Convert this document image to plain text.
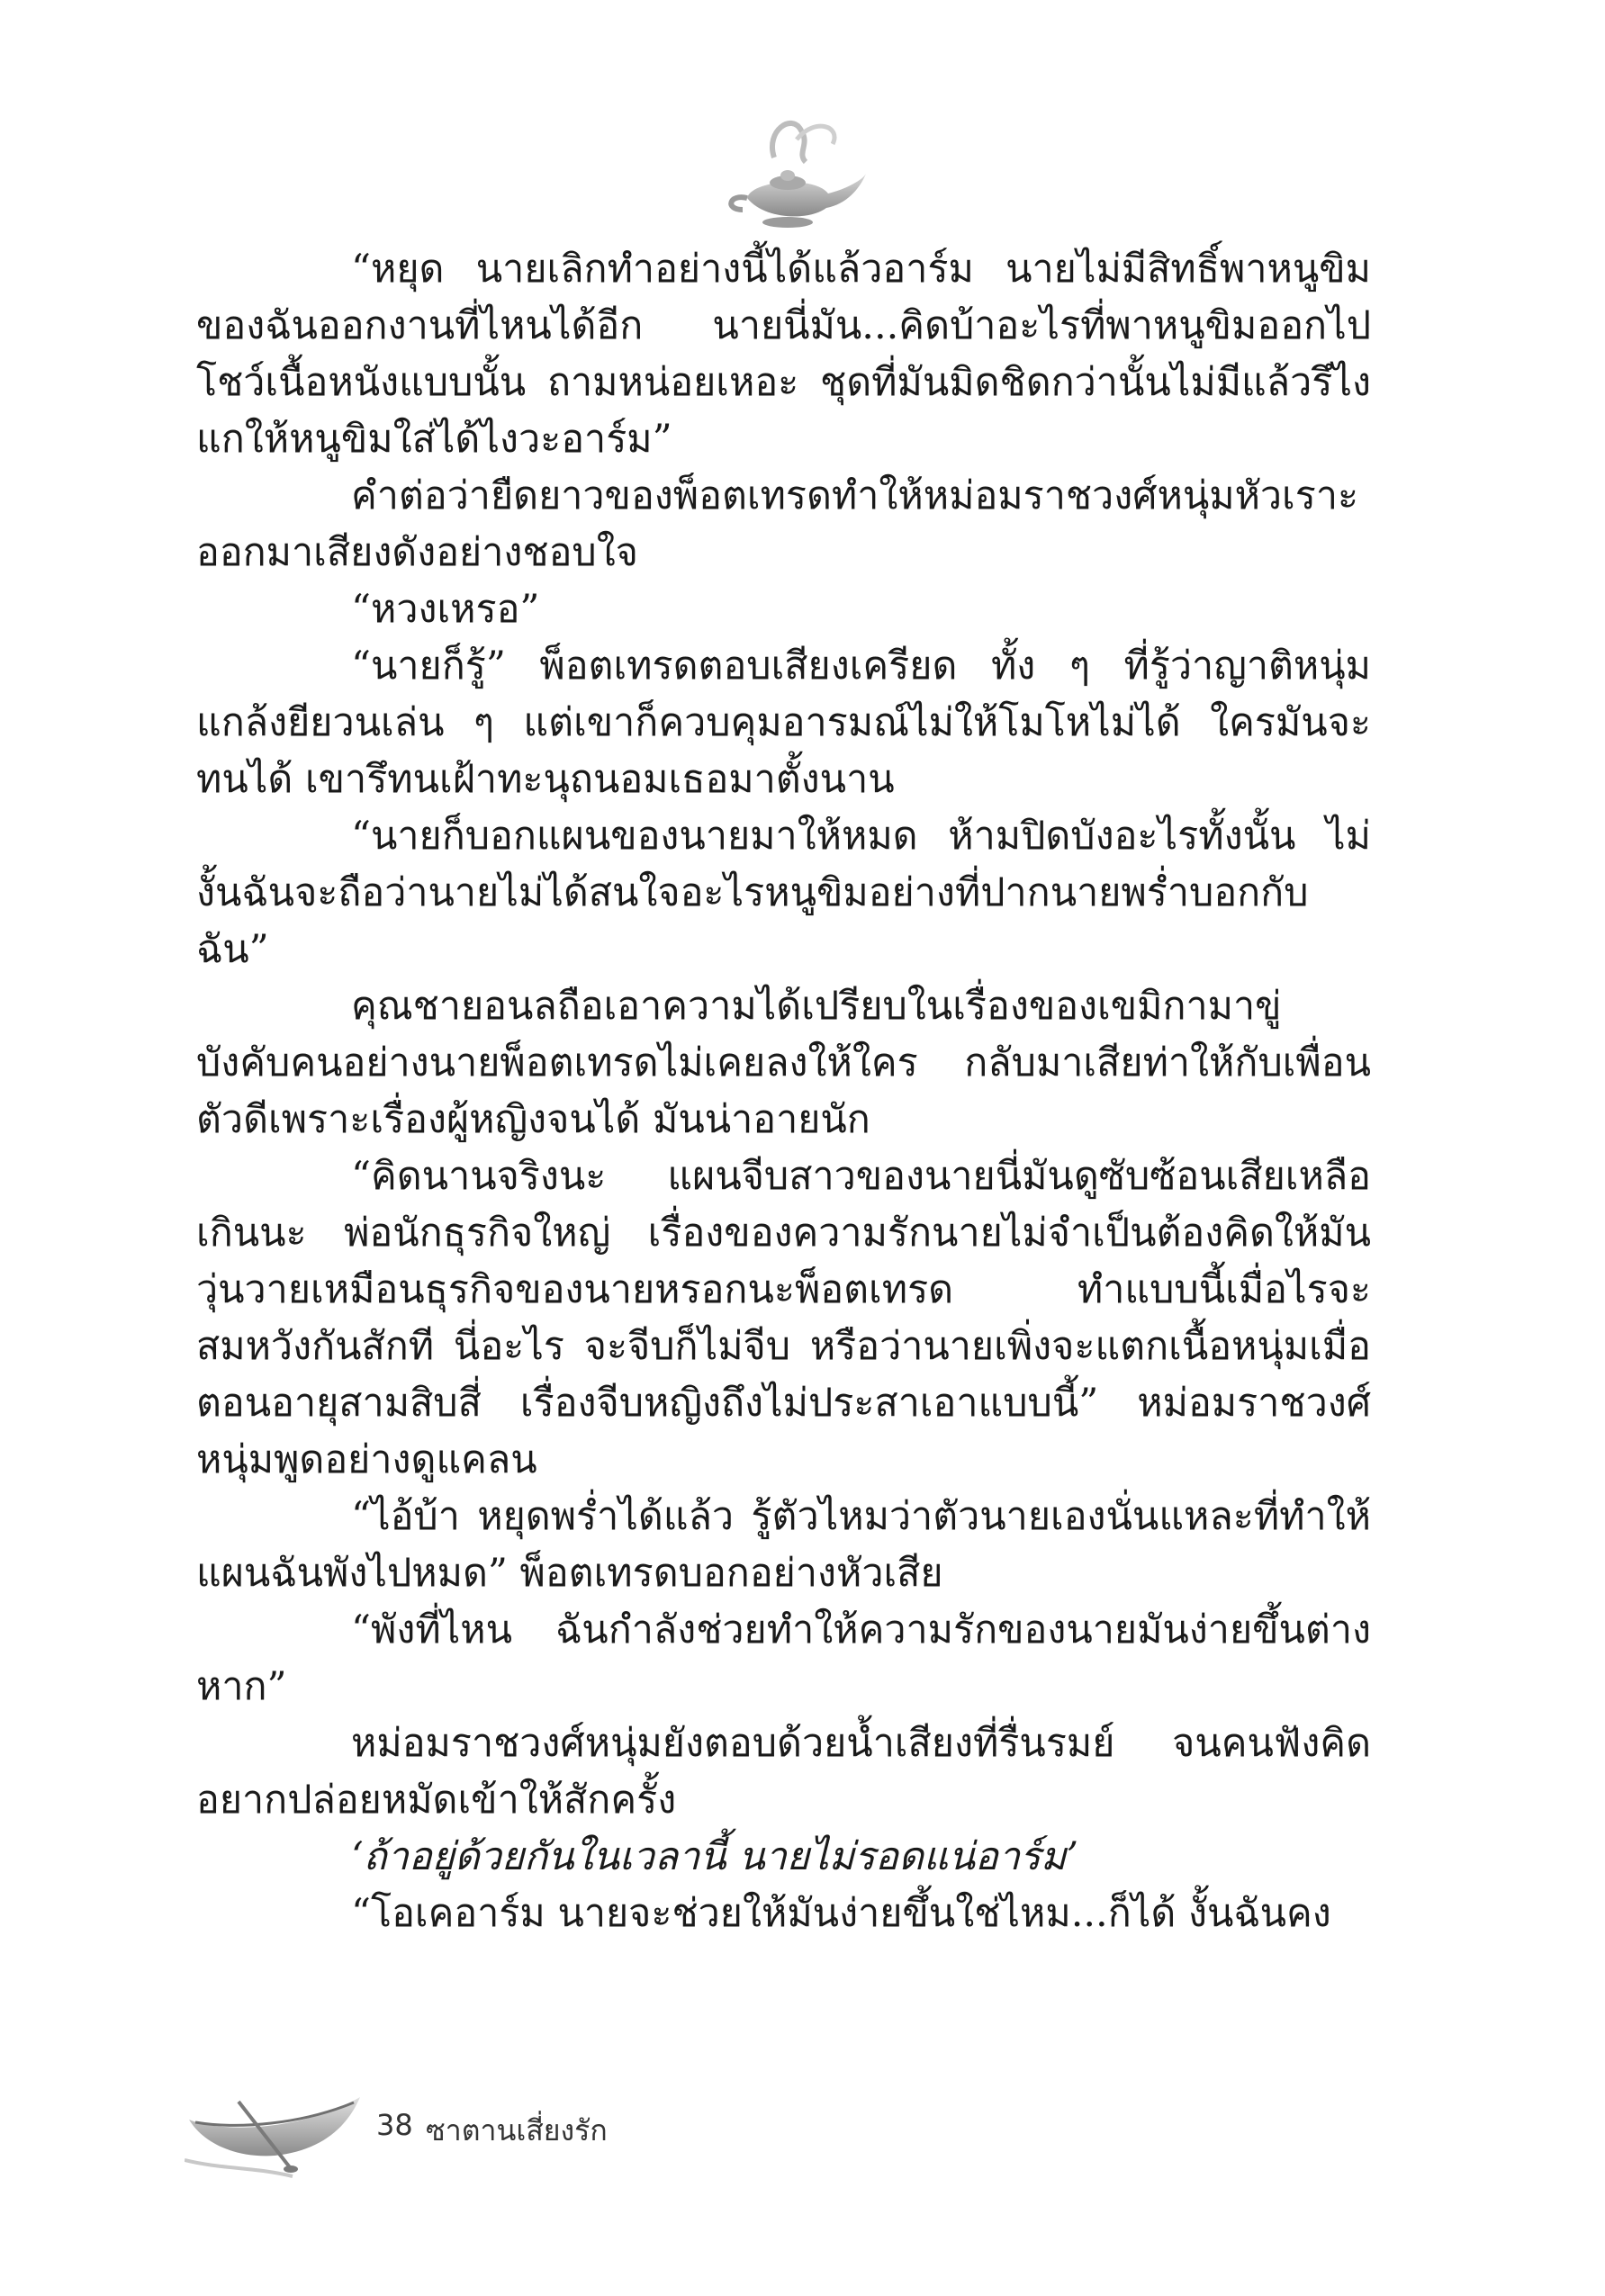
“หยุด นายเลิกทำอย่างนี้ได้แล้วอาร์ม นายไม่มีสิทธิ์พาหนูขิมของฉันออกงานที่ไหนได้อีก นายนี่มัน...คิดบ้าอะไรที่พาหนูขิมออกไปโชว์เนื้อหนังแบบนั้น ถามหน่อยเหอะ ชุดที่มันมิดชิดกว่านั้นไม่มีแล้วรึไง แกให้หนูขิมใส่ได้ไงวะอาร์ม”

คำต่อว่ายืดยาวของพ็อตเทรดทำให้หม่อมราชวงศ์หนุ่มหัวเราะออกมาเสียงดังอย่างชอบใจ

“หวงเหรอ”

“นายก็รู้” พ็อตเทรดตอบเสียงเครียด ทั้ง ๆ ที่รู้ว่าญาติหนุ่มแกล้งยียวนเล่น ๆ แต่เขาก็ควบคุมอารมณ์ไม่ให้โมโหไม่ได้ ใครมันจะทนได้ เขารึทนเฝ้าทะนุถนอมเธอมาตั้งนาน

“นายก็บอกแผนของนายมาให้หมด ห้ามปิดบังอะไรทั้งนั้น ไม่งั้นฉันจะถือว่านายไม่ได้สนใจอะไรหนูขิมอย่างที่ปากนายพร่ำบอกกับฉัน”

คุณชายอนลถือเอาความได้เปรียบในเรื่องของเขมิกามาขู่บังคับคนอย่างนายพ็อตเทรดไม่เคยลงให้ใคร กลับมาเสียท่าให้กับเพื่อนตัวดีเพราะเรื่องผู้หญิงจนได้ มันน่าอายนัก

“คิดนานจริงนะ แผนจีบสาวของนายนี่มันดูซับซ้อนเสียเหลือเกินนะ พ่อนักธุรกิจใหญ่ เรื่องของความรักนายไม่จำเป็นต้องคิดให้มันวุ่นวายเหมือนธุรกิจของนายหรอกนะพ็อตเทรด ทำแบบนี้เมื่อไรจะสมหวังกันสักที นี่อะไร จะจีบก็ไม่จีบ หรือว่านายเพิ่งจะแตกเนื้อหนุ่มเมื่อตอนอายุสามสิบสี่ เรื่องจีบหญิงถึงไม่ประสาเอาแบบนี้” หม่อมราชวงศ์หนุ่มพูดอย่างดูแคลน

“ไอ้บ้า หยุดพร่ำได้แล้ว รู้ตัวไหมว่าตัวนายเองนั่นแหละที่ทำให้แผนฉันพังไปหมด” พ็อตเทรดบอกอย่างหัวเสีย

“พังที่ไหน ฉันกำลังช่วยทำให้ความรักของนายมันง่ายขึ้นต่างหาก”

หม่อมราชวงศ์หนุ่มยังตอบด้วยน้ำเสียงที่รื่นรมย์ จนคนฟังคิดอยากปล่อยหมัดเข้าให้สักครั้ง

‘ถ้าอยู่ด้วยกันในเวลานี้ นายไม่รอดแน่อาร์ม’

“โอเคอาร์ม นายจะช่วยให้มันง่ายขึ้นใช่ไหม...ก็ได้ งั้นฉันคง

38 ซาตานเสี่ยงรัก
